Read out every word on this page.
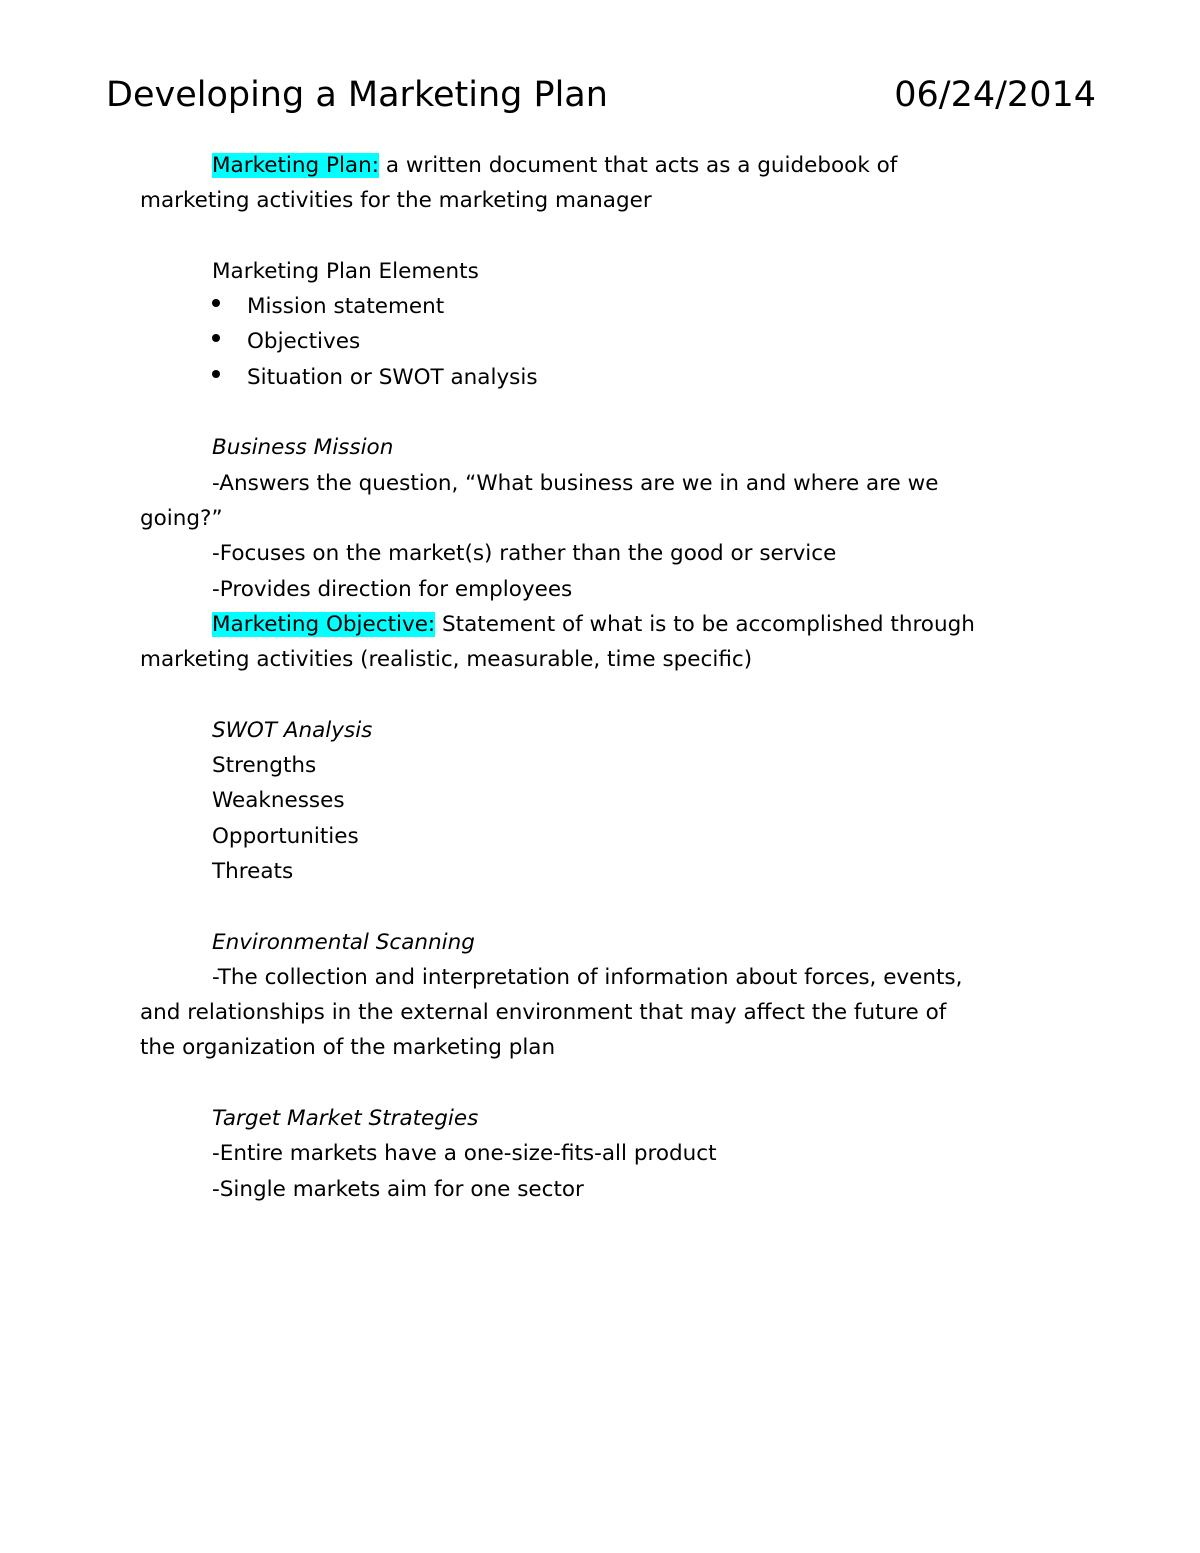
Developing a Marketing Plan	06/24/2014

Marketing Plan: a written document that acts as a guidebook of

marketing activities for the marketing manager

Marketing Plan Elements

Mission statement
Objectives
Situation or SWOT analysis

Business Mission

-Answers the question, “What business are we in and where are we

going?”

-Focuses on the market(s) rather than the good or service

-Provides direction for employees

Marketing Objective: Statement of what is to be accomplished through

marketing activities (realistic, measurable, time specific)

SWOT Analysis

Strengths

Weaknesses

Opportunities

Threats

Environmental Scanning

-The collection and interpretation of information about forces, events,

and relationships in the external environment that may affect the future of

the organization of the marketing plan

Target Market Strategies

-Entire markets have a one-size-fits-all product

-Single markets aim for one sector
